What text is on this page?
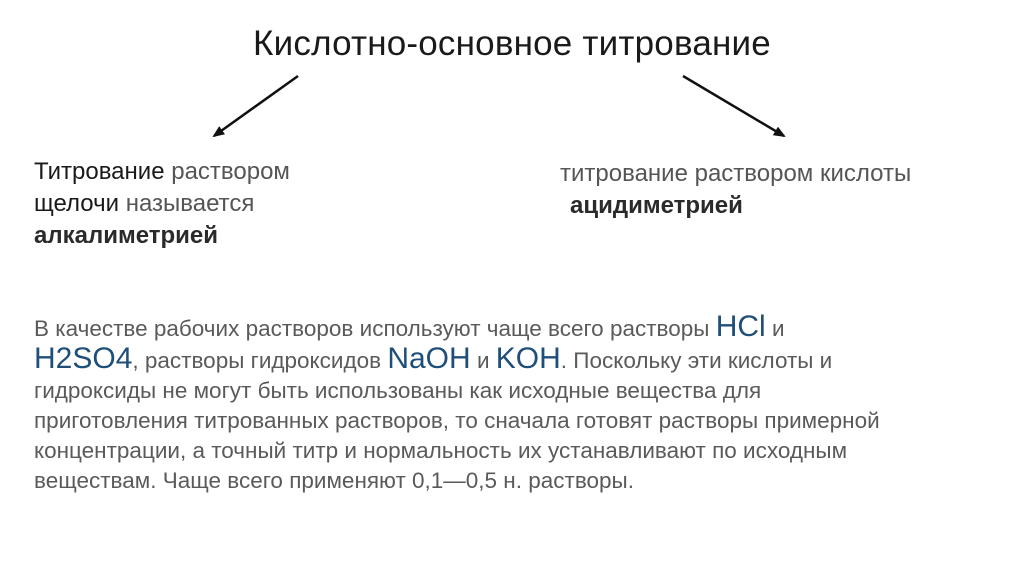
Кислотно-основное титрование
Титрование раствором
щелочи называется
алкалиметрией
титрование раствором кислоты
ацидиметрией
В качестве рабочих растворов используют чаще всего растворы HCl и
H2SO4, растворы гидроксидов NaOH и KOH. Поскольку эти кислоты и
гидроксиды не могут быть использованы как исходные вещества для
приготовления титрованных растворов, то сначала готовят растворы примерной
концентрации, а точный титр и нормальность их устанавливают по исходным
веществам. Чаще всего применяют 0,1—0,5 н. растворы.
